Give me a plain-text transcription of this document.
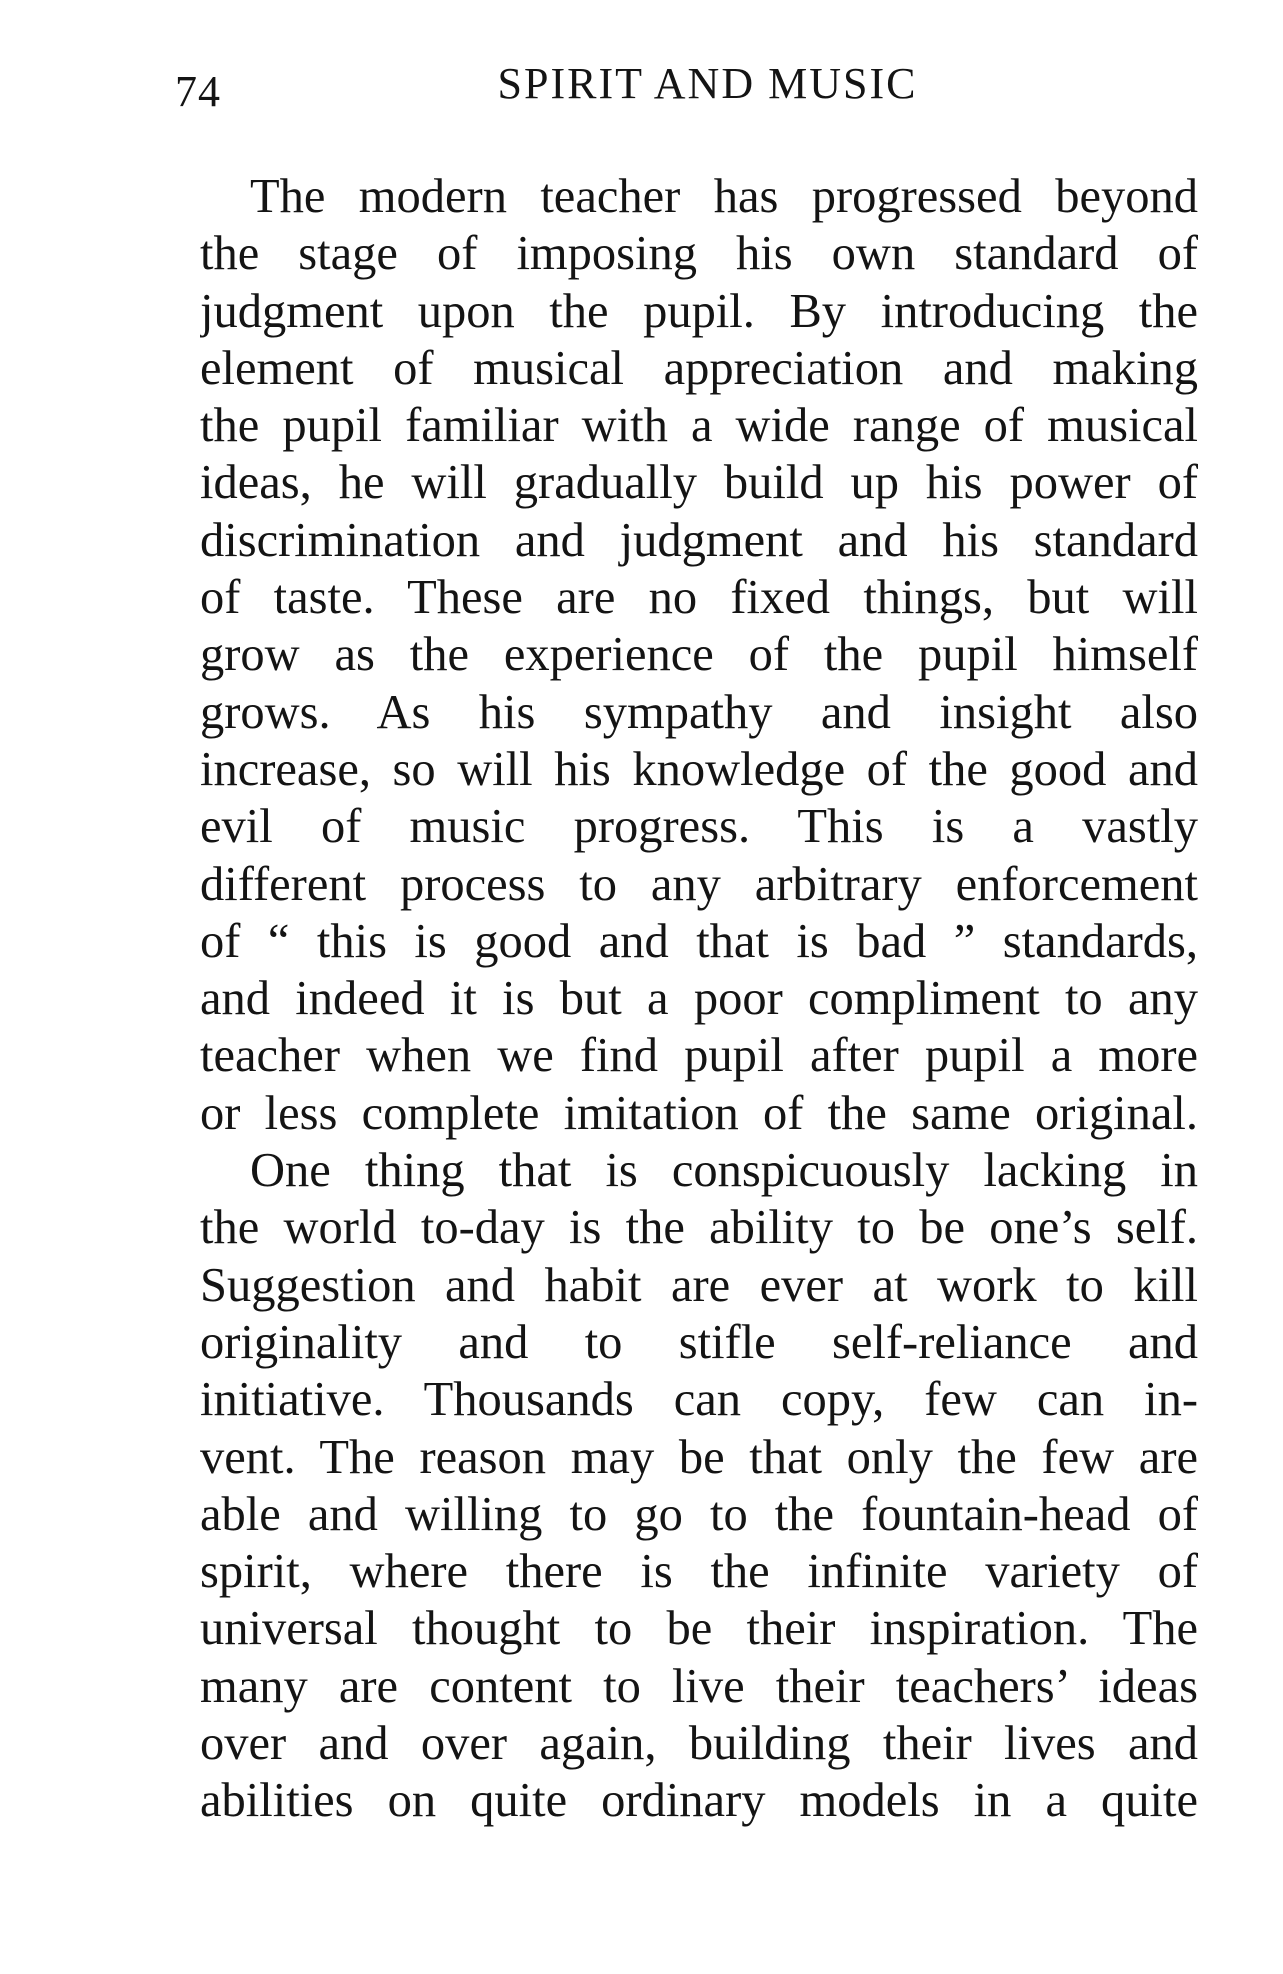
74	SPIRIT AND MUSIC
The modern teacher has progressed beyond
the stage of imposing his own standard of
judgment upon the pupil. By introducing the
element of musical appreciation and making
the pupil familiar with a wide range of musical
ideas, he will gradually build up his power of
discrimination and judgment and his standard
of taste. These are no fixed things, but will
grow as the experience of the pupil himself
grows. As his sympathy and insight also
increase, so will his knowledge of the good and
evil of music progress. This is a vastly
different process to any arbitrary enforcement
of “ this is good and that is bad ” standards,
and indeed it is but a poor compliment to any
teacher when we find pupil after pupil a more
or less complete imitation of the same original.
One thing that is conspicuously lacking in
the world to-day is the ability to be one’s self.
Suggestion and habit are ever at work to kill
originality and to stifle self-reliance and
initiative. Thousands can copy, few can in-
vent. The reason may be that only the few are
able and willing to go to the fountain-head of
spirit, where there is the infinite variety of
universal thought to be their inspiration. The
many are content to live their teachers’ ideas
over and over again, building their lives and
abilities on quite ordinary models in a quite
